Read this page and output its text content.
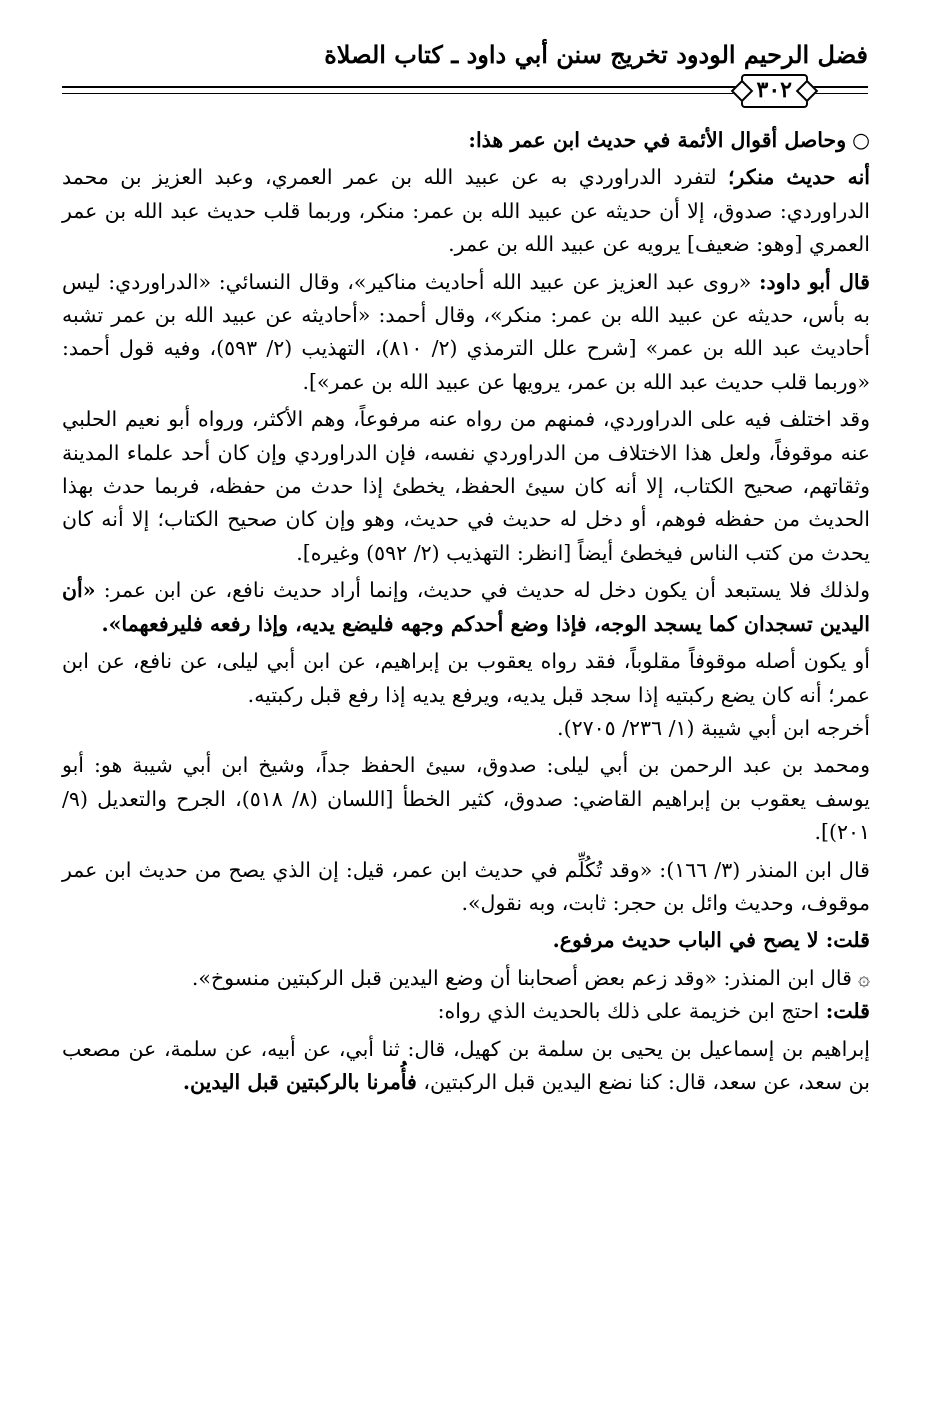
فضل الرحيم الودود تخريج سنن أبي داود ـ كتاب الصلاة
٣٠٢

○وحاصل أقوال الأئمة في حديث ابن عمر هذا:

أنه حديث منكر؛ لتفرد الدراوردي به عن عبيد الله بن عمر العمري، وعبد العزيز بن محمد الدراوردي: صدوق، إلا أن حديثه عن عبيد الله بن عمر: منكر، وربما قلب حديث عبد الله بن عمر العمري [وهو: ضعيف] يرويه عن عبيد الله بن عمر.

قال أبو داود: «روى عبد العزيز عن عبيد الله أحاديث مناكير»، وقال النسائي: «الدراوردي: ليس به بأس، حديثه عن عبيد الله بن عمر: منكر»، وقال أحمد: «أحاديثه عن عبيد الله بن عمر تشبه أحاديث عبد الله بن عمر» [شرح علل الترمذي (٢/ ٨١٠)، التهذيب (٢/ ٥٩٣)، وفيه قول أحمد: «وربما قلب حديث عبد الله بن عمر، يرويها عن عبيد الله بن عمر»].

وقد اختلف فيه على الدراوردي، فمنهم من رواه عنه مرفوعاً، وهم الأكثر، ورواه أبو نعيم الحلبي عنه موقوفاً، ولعل هذا الاختلاف من الدراوردي نفسه، فإن الدراوردي وإن كان أحد علماء المدينة وثقاتهم، صحيح الكتاب، إلا أنه كان سيئ الحفظ، يخطئ إذا حدث من حفظه، فربما حدث بهذا الحديث من حفظه فوهم، أو دخل له حديث في حديث، وهو وإن كان صحيح الكتاب؛ إلا أنه كان يحدث من كتب الناس فيخطئ أيضاً [انظر: التهذيب (٢/ ٥٩٢) وغيره].

ولذلك فلا يستبعد أن يكون دخل له حديث في حديث، وإنما أراد حديث نافع، عن ابن عمر: «أن اليدين تسجدان كما يسجد الوجه، فإذا وضع أحدكم وجهه فليضع يديه، وإذا رفعه فليرفعهما».

أو يكون أصله موقوفاً مقلوباً، فقد رواه يعقوب بن إبراهيم، عن ابن أبي ليلى، عن نافع، عن ابن عمر؛ أنه كان يضع ركبتيه إذا سجد قبل يديه، ويرفع يديه إذا رفع قبل ركبتيه.
أخرجه ابن أبي شيبة (١/ ٢٣٦/ ٢٧٠٥).

ومحمد بن عبد الرحمن بن أبي ليلى: صدوق، سيئ الحفظ جداً، وشيخ ابن أبي شيبة هو: أبو يوسف يعقوب بن إبراهيم القاضي: صدوق، كثير الخطأ [اللسان (٨/ ٥١٨)، الجرح والتعديل (٩/ ٢٠١)].

قال ابن المنذر (٣/ ١٦٦): «وقد تُكُلِّم في حديث ابن عمر، قيل: إن الذي يصح من حديث ابن عمر موقوف، وحديث وائل بن حجر: ثابت، وبه نقول».

قلت: لا يصح في الباب حديث مرفوع.

۞قال ابن المنذر: «وقد زعم بعض أصحابنا أن وضع اليدين قبل الركبتين منسوخ».
قلت: احتج ابن خزيمة على ذلك بالحديث الذي رواه:

إبراهيم بن إسماعيل بن يحيى بن سلمة بن كهيل، قال: ثنا أبي، عن أبيه، عن سلمة، عن مصعب بن سعد، عن سعد، قال: كنا نضع اليدين قبل الركبتين، فأُمرنا بالركبتين قبل اليدين.
